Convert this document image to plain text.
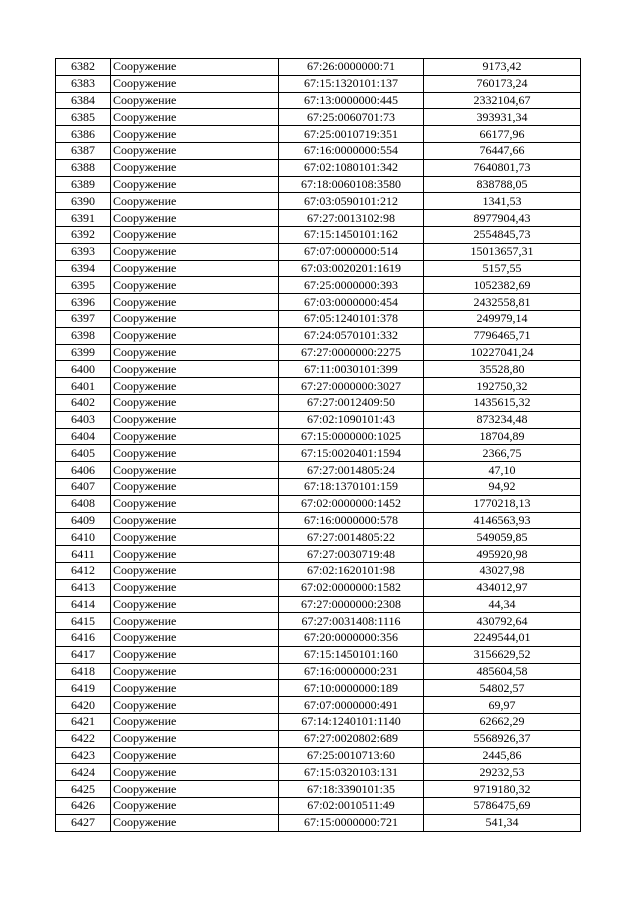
6382	Сооружение	67:26:0000000:71	9173,42
6383	Сооружение	67:15:1320101:137	760173,24
6384	Сооружение	67:13:0000000:445	2332104,67
6385	Сооружение	67:25:0060701:73	393931,34
6386	Сооружение	67:25:0010719:351	66177,96
6387	Сооружение	67:16:0000000:554	76447,66
6388	Сооружение	67:02:1080101:342	7640801,73
6389	Сооружение	67:18:0060108:3580	838788,05
6390	Сооружение	67:03:0590101:212	1341,53
6391	Сооружение	67:27:0013102:98	8977904,43
6392	Сооружение	67:15:1450101:162	2554845,73
6393	Сооружение	67:07:0000000:514	15013657,31
6394	Сооружение	67:03:0020201:1619	5157,55
6395	Сооружение	67:25:0000000:393	1052382,69
6396	Сооружение	67:03:0000000:454	2432558,81
6397	Сооружение	67:05:1240101:378	249979,14
6398	Сооружение	67:24:0570101:332	7796465,71
6399	Сооружение	67:27:0000000:2275	10227041,24
6400	Сооружение	67:11:0030101:399	35528,80
6401	Сооружение	67:27:0000000:3027	192750,32
6402	Сооружение	67:27:0012409:50	1435615,32
6403	Сооружение	67:02:1090101:43	873234,48
6404	Сооружение	67:15:0000000:1025	18704,89
6405	Сооружение	67:15:0020401:1594	2366,75
6406	Сооружение	67:27:0014805:24	47,10
6407	Сооружение	67:18:1370101:159	94,92
6408	Сооружение	67:02:0000000:1452	1770218,13
6409	Сооружение	67:16:0000000:578	4146563,93
6410	Сооружение	67:27:0014805:22	549059,85
6411	Сооружение	67:27:0030719:48	495920,98
6412	Сооружение	67:02:1620101:98	43027,98
6413	Сооружение	67:02:0000000:1582	434012,97
6414	Сооружение	67:27:0000000:2308	44,34
6415	Сооружение	67:27:0031408:1116	430792,64
6416	Сооружение	67:20:0000000:356	2249544,01
6417	Сооружение	67:15:1450101:160	3156629,52
6418	Сооружение	67:16:0000000:231	485604,58
6419	Сооружение	67:10:0000000:189	54802,57
6420	Сооружение	67:07:0000000:491	69,97
6421	Сооружение	67:14:1240101:1140	62662,29
6422	Сооружение	67:27:0020802:689	5568926,37
6423	Сооружение	67:25:0010713:60	2445,86
6424	Сооружение	67:15:0320103:131	29232,53
6425	Сооружение	67:18:3390101:35	9719180,32
6426	Сооружение	67:02:0010511:49	5786475,69
6427	Сооружение	67:15:0000000:721	541,34
